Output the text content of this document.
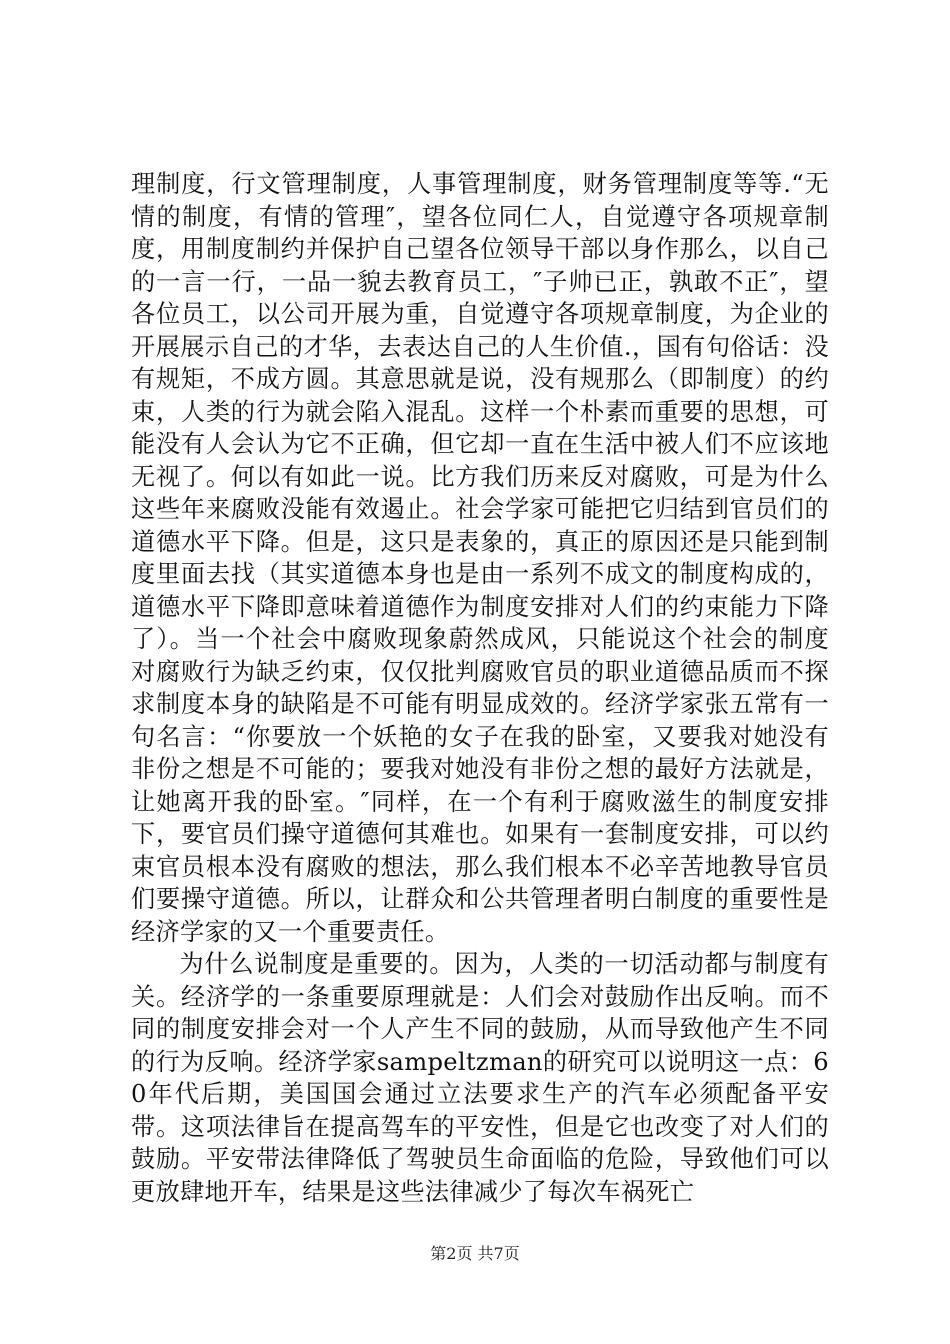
理制度，行文管理制度，人事管理制度，财务管理制度等等.“无情的制度，有情的管理″，望各位同仁人，自觉遵守各项规章制度，用制度制约并保护自己望各位领导干部以身作那么，以自己的一言一行，一品一貌去教育员工，″子帅已正，孰敢不正″，望各位员工，以公司开展为重，自觉遵守各项规章制度，为企业的开展展示自己的才华，去表达自己的人生价值.，国有句俗话：没有规矩，不成方圆。其意思就是说，没有规那么（即制度）的约束，人类的行为就会陷入混乱。这样一个朴素而重要的思想，可能没有人会认为它不正确，但它却一直在生活中被人们不应该地无视了。何以有如此一说。比方我们历来反对腐败，可是为什么这些年来腐败没能有效遏止。社会学家可能把它归结到官员们的道德水平下降。但是，这只是表象的，真正的原因还是只能到制度里面去找（其实道德本身也是由一系列不成文的制度构成的，道德水平下降即意味着道德作为制度安排对人们的约束能力下降了）。当一个社会中腐败现象蔚然成风，只能说这个社会的制度对腐败行为缺乏约束，仅仅批判腐败官员的职业道德品质而不探求制度本身的缺陷是不可能有明显成效的。经济学家张五常有一句名言：“你要放一个妖艳的女子在我的卧室，又要我对她没有非份之想是不可能的；要我对她没有非份之想的最好方法就是，让她离开我的卧室。″同样，在一个有利于腐败滋生的制度安排下，要官员们操守道德何其难也。如果有一套制度安排，可以约束官员根本没有腐败的想法，那么我们根本不必辛苦地教导官员们要操守道德。所以，让群众和公共管理者明白制度的重要性是经济学家的又一个重要责任。

为什么说制度是重要的。因为，人类的一切活动都与制度有关。经济学的一条重要原理就是：人们会对鼓励作出反响。而不同的制度安排会对一个人产生不同的鼓励，从而导致他产生不同的行为反响。经济学家sampeltzman的研究可以说明这一点：60年代后期，美国国会通过立法要求生产的汽车必须配备平安带。这项法律旨在提高驾车的平安性，但是它也改变了对人们的鼓励。平安带法律降低了驾驶员生命面临的危险，导致他们可以更放肆地开车，结果是这些法律减少了每次车祸死亡

第2页 共7页
